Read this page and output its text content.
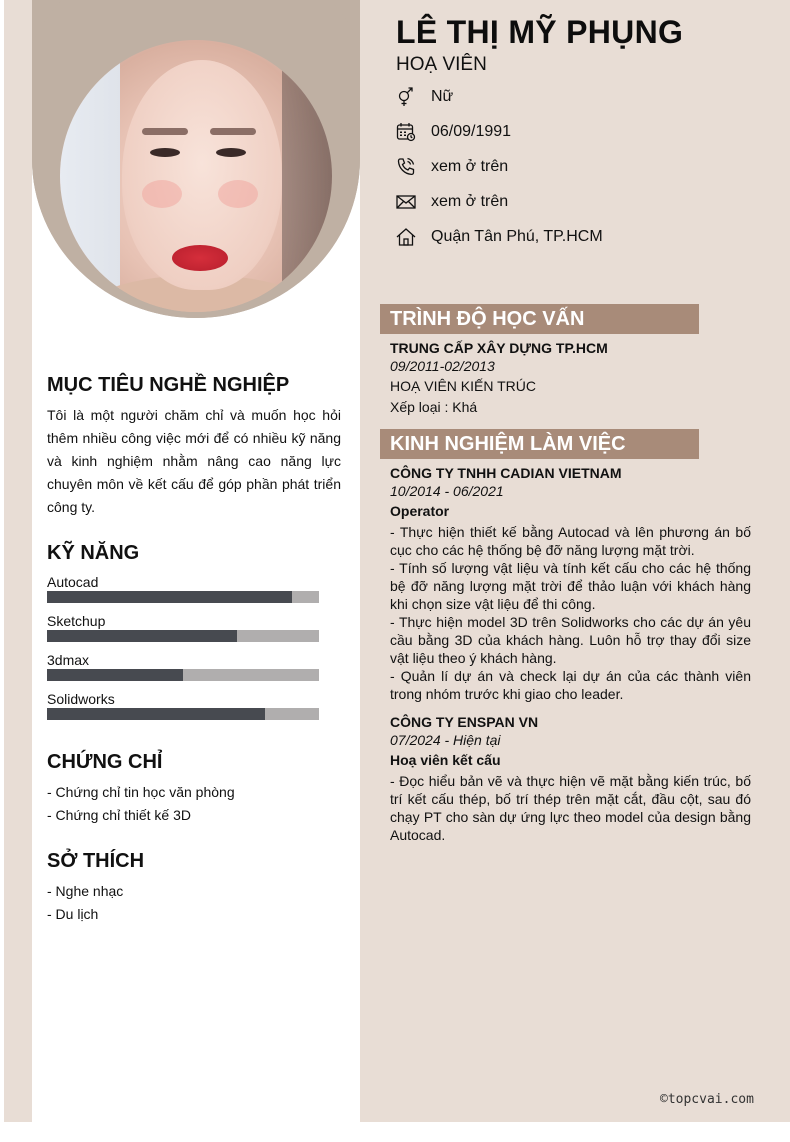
MỤC TIÊU NGHỀ NGHIỆP
Tôi là một người chăm chỉ và muốn học hỏi thêm nhiều công việc mới để có nhiều kỹ năng và kinh nghiệm nhằm nâng cao năng lực chuyên môn về kết cấu để góp phần phát triển công ty.
KỸ NĂNG
Autocad
Sketchup
3dmax
Solidworks
CHỨNG CHỈ
- Chứng chỉ tin học văn phòng
- Chứng chỉ thiết kế 3D
SỞ THÍCH
- Nghe nhạc
- Du lịch
LÊ THỊ MỸ PHỤNG
HOẠ VIÊN
Nữ
06/09/1991
xem ở trên
xem ở trên
Quận Tân Phú, TP.HCM
TRÌNH ĐỘ HỌC VẤN
TRUNG CẤP XÂY DỰNG TP.HCM
09/2011-02/2013
HOẠ VIÊN KIẾN TRÚC
Xếp loại : Khá
KINH NGHIỆM LÀM VIỆC
CÔNG TY TNHH CADIAN VIETNAM
10/2014 - 06/2021
Operator

- Thực hiện thiết kế bằng Autocad và lên phương án bố cục cho các hệ thống bệ đỡ năng lượng mặt trời.

- Tính số lượng vật liệu và tính kết cấu cho các hệ thống bệ đỡ năng lượng mặt trời để thảo luận với khách hàng khi chọn size vật liệu để thi công.

- Thực hiện model 3D trên Solidworks cho các dự án yêu cầu bằng 3D của khách hàng. Luôn hỗ trợ thay đổi size vật liệu theo ý khách hàng.

- Quản lí dự án và check lại dự án của các thành viên trong nhóm trước khi giao cho leader.

CÔNG TY ENSPAN VN
07/2024 - Hiện tại
Hoạ viên kết cấu

- Đọc hiểu bản vẽ và thực hiện vẽ mặt bằng kiến trúc, bố trí kết cấu thép, bố trí thép trên mặt cắt, đầu cột, sau đó chạy PT cho sàn dự ứng lực theo model của design bằng Autocad.

©topcvai.com
